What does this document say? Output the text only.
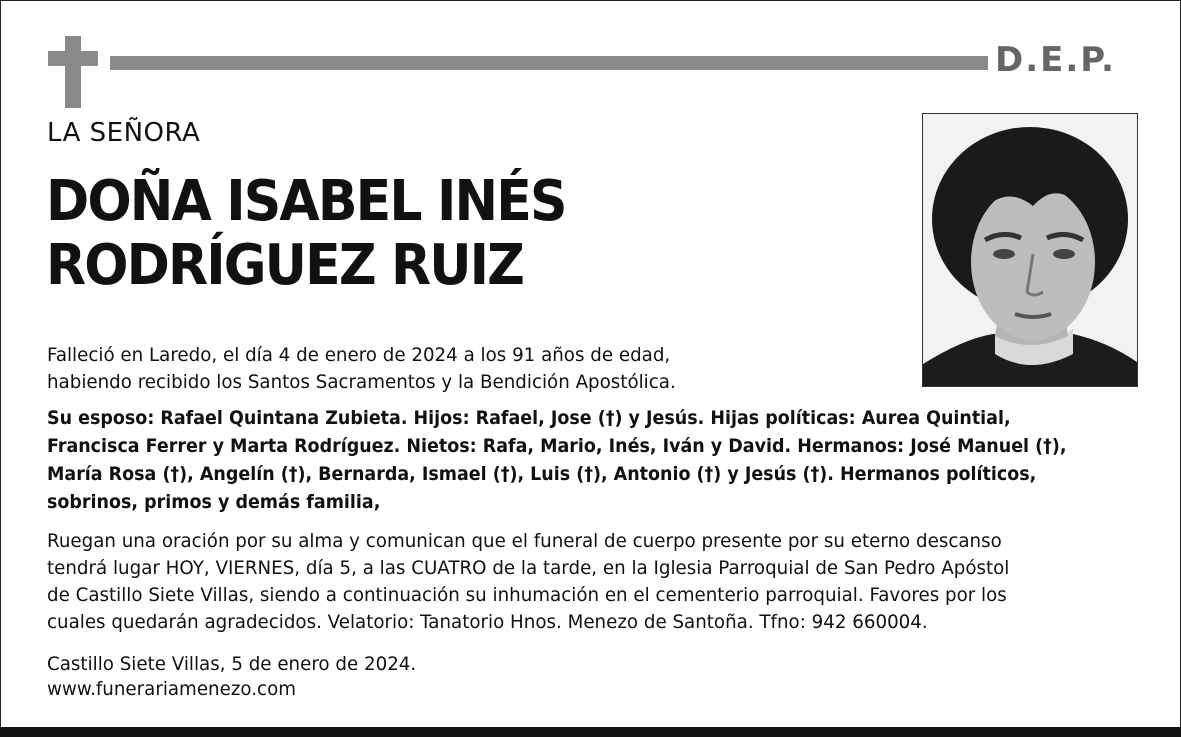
D.E.P.
LA SEÑORA
DOÑA ISABEL INÉS
RODRÍGUEZ RUIZ
Falleció en Laredo, el día 4 de enero de 2024 a los 91 años de edad,
habiendo recibido los Santos Sacramentos y la Bendición Apostólica.
Su esposo: Rafael Quintana Zubieta. Hijos: Rafael, Jose (†) y Jesús. Hijas políticas: Aurea Quintial,
Francisca Ferrer y Marta Rodríguez. Nietos: Rafa, Mario, Inés, Iván y David. Hermanos: José Manuel (†),
María Rosa (†), Angelín (†), Bernarda, Ismael (†), Luis (†), Antonio (†) y Jesús (†). Hermanos políticos,
sobrinos, primos y demás familia,
Ruegan una oración por su alma y comunican que el funeral de cuerpo presente por su eterno descanso
tendrá lugar HOY, VIERNES, día 5, a las CUATRO de la tarde, en la Iglesia Parroquial de San Pedro Apóstol
de Castillo Siete Villas, siendo a continuación su inhumación en el cementerio parroquial. Favores por los
cuales quedarán agradecidos. Velatorio: Tanatorio Hnos. Menezo de Santoña. Tfno: 942 660004.
Castillo Siete Villas, 5 de enero de 2024.
www.funerariamenezo.com
